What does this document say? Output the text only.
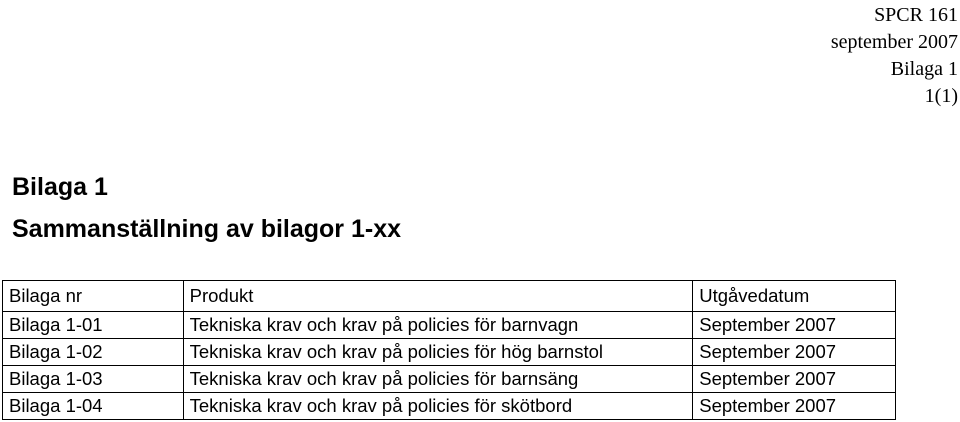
SPCR 161
september 2007
Bilaga 1
1(1)
Bilaga 1
Sammanställning av bilagor 1-xx
Bilaga nr	Produkt	Utgåvedatum
Bilaga 1-01	Tekniska krav och krav på policies för barnvagn	September 2007
Bilaga 1-02	Tekniska krav och krav på policies för hög barnstol	September 2007
Bilaga 1-03	Tekniska krav och krav på policies för barnsäng	September 2007
Bilaga 1-04	Tekniska krav och krav på policies för skötbord	September 2007
